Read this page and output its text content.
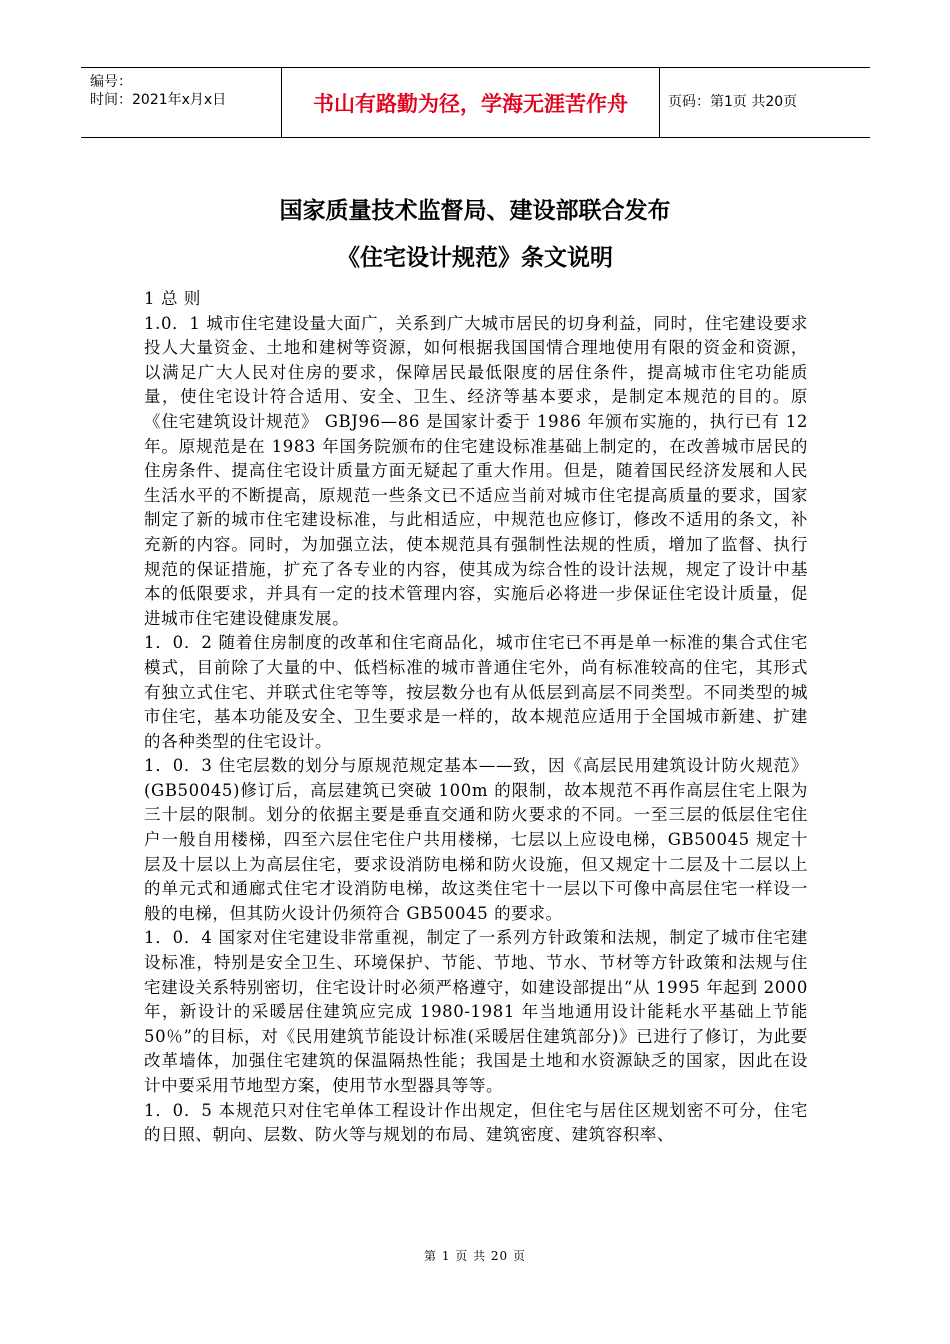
编号：
时间：2021年x月x日	书山有路勤为径，学海无涯苦作舟	页码：第1页 共20页
国家质量技术监督局、建设部联合发布
《住宅设计规范》条文说明

1 总 则

1.0．1 城市住宅建设量大面广，关系到广大城市居民的切身利益，同时，住宅建设要求投人大量资金、土地和建树等资源，如何根据我国国情合理地使用有限的资金和资源，以满足广大人民对住房的要求，保障居民最低限度的居住条件，提高城市住宅功能质量，使住宅设计符合适用、安全、卫生、经济等基本要求，是制定本规范的目的。原《住宅建筑设计规范》 GBJ96—86 是国家计委于 1986 年颁布实施的，执行已有 12 年。原规范是在 1983 年国务院颁布的住宅建设标准基础上制定的，在改善城市居民的住房条件、提高住宅设计质量方面无疑起了重大作用。但是，随着国民经济发展和人民生活水平的不断提高，原规范一些条文已不适应当前对城市住宅提高质量的要求，国家制定了新的城市住宅建设标准，与此相适应，中规范也应修订，修改不适用的条文，补充新的内容。同时，为加强立法，使本规范具有强制性法规的性质，增加了监督、执行规范的保证措施，扩充了各专业的内容，使其成为综合性的设计法规，规定了设计中基本的低限要求，并具有一定的技术管理内容，实施后必将进一步保证住宅设计质量，促进城市住宅建设健康发展。

1．0．2 随着住房制度的改革和住宅商品化，城市住宅已不再是单一标准的集合式住宅模式，目前除了大量的中、低档标准的城市普通住宅外，尚有标准较高的住宅，其形式有独立式住宅、并联式住宅等等，按层数分也有从低层到高层不同类型。不同类型的城市住宅，基本功能及安全、卫生要求是一样的，故本规范应适用于全国城市新建、扩建的各种类型的住宅设计。

1．0．3 住宅层数的划分与原规范规定基本——致，因《高层民用建筑设计防火规范》(GB50045)修订后，高层建筑已突破 100m 的限制，故本规范不再作高层住宅上限为三十层的限制。划分的依据主要是垂直交通和防火要求的不同。一至三层的低层住宅住户一般自用楼梯，四至六层住宅住户共用楼梯，七层以上应设电梯，GB50045 规定十层及十层以上为高层住宅，要求设消防电梯和防火设施，但又规定十二层及十二层以上的单元式和通廊式住宅才设消防电梯，故这类住宅十一层以下可像中高层住宅一样设一般的电梯，但其防火设计仍须符合 GB50045 的要求。

1．0．4 国家对住宅建设非常重视，制定了一系列方针政策和法规，制定了城市住宅建设标准，特别是安全卫生、环境保护、节能、节地、节水、节材等方针政策和法规与住宅建设关系特别密切，住宅设计时必须严格遵守，如建设部提出“从 1995 年起到 2000 年，新设计的采暖居住建筑应完成 1980-1981 年当地通用设计能耗水平基础上节能 50％”的目标，对《民用建筑节能设计标准(采暖居住建筑部分)》已进行了修订，为此要改革墙体，加强住宅建筑的保温隔热性能；我国是土地和水资源缺乏的国家，因此在设计中要采用节地型方案，使用节水型器具等等。

1．0．5 本规范只对住宅单体工程设计作出规定，但住宅与居住区规划密不可分，住宅的日照、朝向、层数、防火等与规划的布局、建筑密度、建筑容积率、

第 1 页 共 20 页
